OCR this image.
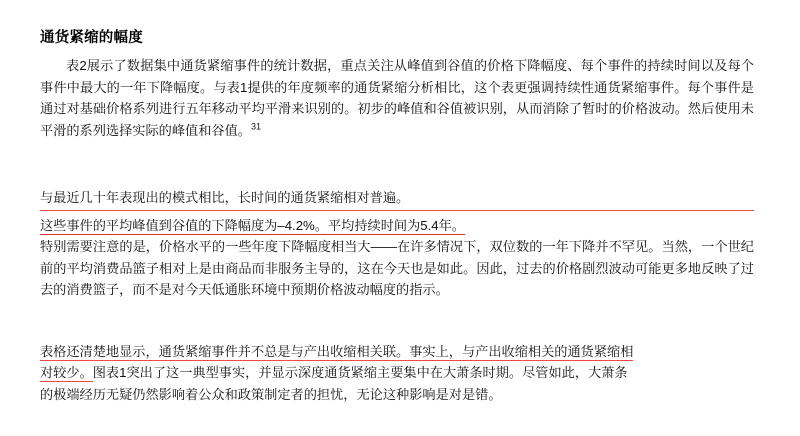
通货紧缩的幅度

表2展示了数据集中通货紧缩事件的统计数据，重点关注从峰值到谷值的价格下降幅度、每个事件的持续时间以及每个事件中最大的一年下降幅度。与表1提供的年度频率的通货紧缩分析相比，这个表更强调持续性通货紧缩事件。每个事件是通过对基础价格系列进行五年移动平均平滑来识别的。初步的峰值和谷值被识别，从而消除了暂时的价格波动。然后使用未平滑的系列选择实际的峰值和谷值。$^{31}$

与最近几十年表现出的模式相比，长时间的通货紧缩相对普遍。

这些事件的平均峰值到谷值的下降幅度为–4.2%。平均持续时间为5.4年。

特别需要注意的是，价格水平的一些年度下降幅度相当大——在许多情况下，双位数的一年下降并不罕见。当然，一个世纪前的平均消费品篮子相对上是由商品而非服务主导的，这在今天也是如此。因此，过去的价格剧烈波动可能更多地反映了过去的消费篮子，而不是对今天低通胀环境中预期价格波动幅度的指示。

表格还清楚地显示，通货紧缩事件并不总是与产出收缩相关联。事实上，与产出收缩相关的通货紧缩相

对较少。图表1突出了这一典型事实，并显示深度通货紧缩主要集中在大萧条时期。尽管如此，大萧条

的极端经历无疑仍然影响着公众和政策制定者的担忧，无论这种影响是对是错。
